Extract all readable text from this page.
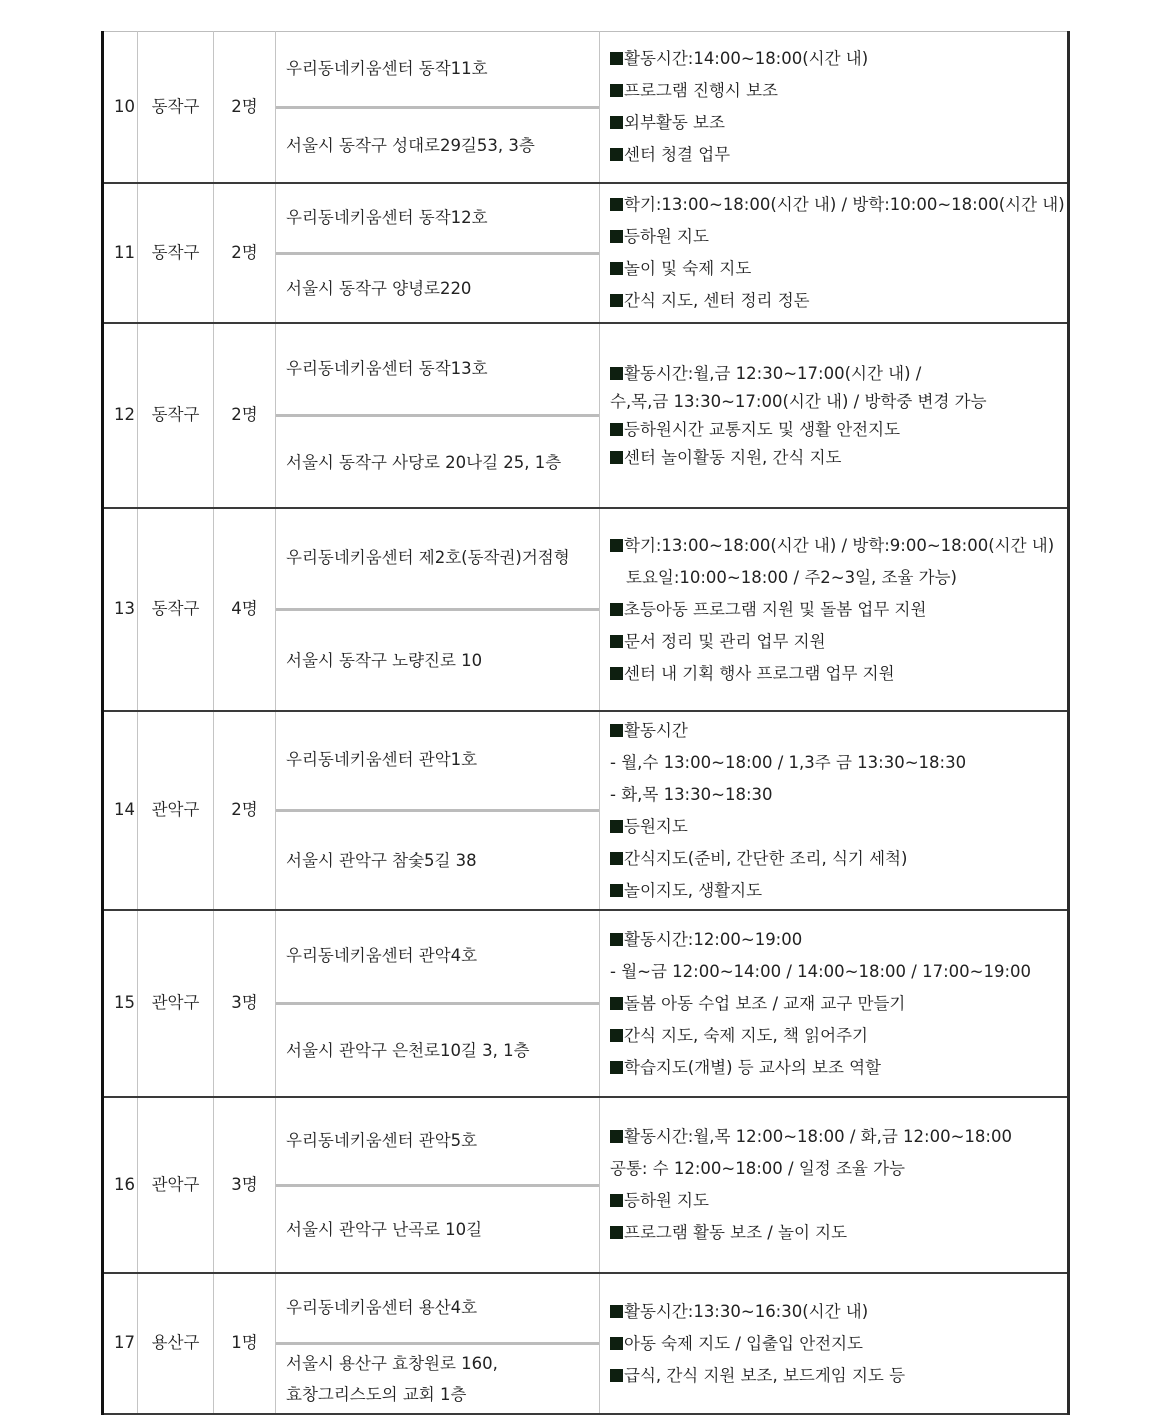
10	동작구	2명	
우리동네키움센터 동작11호
서울시 동작구 성대로29길53, 3층

활동시간:14:00~18:00(시간 내)
프로그램 진행시 보조
외부활동 보조
센터 청결 업무

11	동작구	2명	
우리동네키움센터 동작12호
서울시 동작구 양녕로220

학기:13:00~18:00(시간 내) / 방학:10:00~18:00(시간 내)
등하원 지도
놀이 및 숙제 지도
간식 지도, 센터 정리 정돈

12	동작구	2명	
우리동네키움센터 동작13호
서울시 동작구 사당로 20나길 25, 1층

활동시간:월,금 12:30~17:00(시간 내) /
수,목,금 13:30~17:00(시간 내) / 방학중 변경 가능
등하원시간 교통지도 및 생활 안전지도
센터 놀이활동 지원, 간식 지도

13	동작구	4명	
우리동네키움센터 제2호(동작권)거점형
서울시 동작구 노량진로 10

학기:13:00~18:00(시간 내) / 방학:9:00~18:00(시간 내)
토요일:10:00~18:00 / 주2~3일, 조율 가능)
초등아동 프로그램 지원 및 돌봄 업무 지원
문서 정리 및 관리 업무 지원
센터 내 기획 행사 프로그램 업무 지원

14	관악구	2명	
우리동네키움센터 관악1호
서울시 관악구 참숯5길 38

활동시간
- 월,수 13:00~18:00 / 1,3주 금 13:30~18:30
- 화,목 13:30~18:30
등원지도
간식지도(준비, 간단한 조리, 식기 세척)
놀이지도, 생활지도

15	관악구	3명	
우리동네키움센터 관악4호
서울시 관악구 은천로10길 3, 1층

활동시간:12:00~19:00
- 월~금 12:00~14:00 / 14:00~18:00 / 17:00~19:00
돌봄 아동 수업 보조 / 교재 교구 만들기
간식 지도, 숙제 지도, 책 읽어주기
학습지도(개별) 등 교사의 보조 역할

16	관악구	3명	
우리동네키움센터 관악5호
서울시 관악구 난곡로 10길

활동시간:월,목 12:00~18:00 / 화,금 12:00~18:00
공통: 수 12:00~18:00 / 일정 조율 가능
등하원 지도
프로그램 활동 보조 / 놀이 지도

17	용산구	1명	
우리동네키움센터 용산4호
서울시 용산구 효창원로 160,
효창그리스도의 교회 1층

활동시간:13:30~16:30(시간 내)
아동 숙제 지도 / 입출입 안전지도
급식, 간식 지원 보조, 보드게임 지도 등
